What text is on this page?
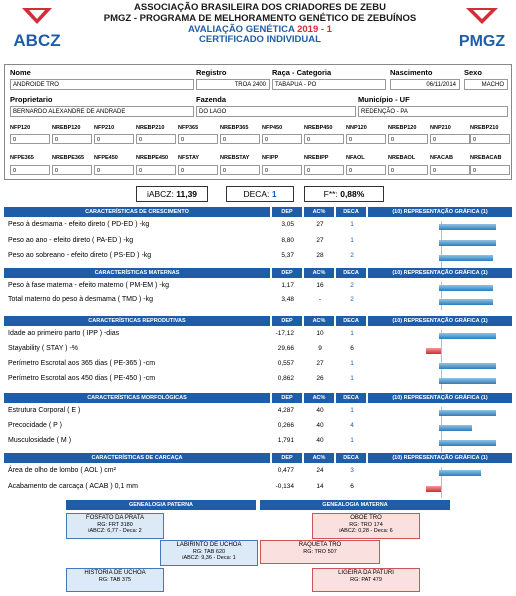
ABCZ
ASSOCIAÇÃO BRASILEIRA DOS CRIADORES DE ZEBU
PMGZ - PROGRAMA DE MELHORAMENTO GENÉTICO DE ZEBUÍNOS
AVALIAÇÃO GENÉTICA 2019 - 1
CERTIFICADO INDIVIDUAL	PMGZ
Nome
ANDROIDE TRO
Registro
TROA 2400
Raça - Categoria
TABAPUA - PO
Nascimento
06/11/2014
Sexo
MACHO
Proprietario
BERNARDO ALEXANDRE DE ANDRADE
Fazenda
DO LAGO
Município - UF
REDENÇÃO - PA
NFP120
0
NREBP120
0
NFP210
0
NREBP210
0
NFP365
0
NREBP365
0
NFP450
0
NREBP450
0
NNP120
0
NREBP120
0
NNP210
0
NREBP210
0
NFPE365
0
NREBPE365
0
NFPE450
0
NREBPE450
0
NFSTAY
0
NREBSTAY
0
NFIPP
0
NREBIPP
0
NFAOL
0
NREBAOL
0
NFACAB
0
NREBACAB
0
iABCZ: 11,39	DECA: 1	F**: 0,88%
CARACTERÍSTICAS DE CRESCIMENTO	DEP	AC%	DECA	(10) REPRESENTAÇÃO GRÁFICA (1)
Peso à desmama - efeito direto ( PD-ED ) -kg	3,05	27	1
Peso ao ano - efeito direto ( PA-ED ) -kg	8,80	27	1
Peso ao sobreano - efeito direto ( PS-ED ) -kg	5,37	28	2
CARACTERÍSTICAS MATERNAS	DEP	AC%	DECA	(10) REPRESENTAÇÃO GRÁFICA (1)
Peso à fase materna - efeito materno ( PM-EM ) -kg	1,17	16	2
Total materno do peso à desmama ( TMD ) -kg	3,48	-	2
CARACTERÍSTICAS REPRODUTIVAS	DEP	AC%	DECA	(10) REPRESENTAÇÃO GRÁFICA (1)
Idade ao primeiro parto ( IPP ) -dias	-17,12	10	1
Stayability ( STAY ) -%	29,66	9	6
Perímetro Escrotal aos 365 dias ( PE-365 ) -cm	0,557	27	1
Perímetro Escrotal aos 450 dias ( PE-450 ) -cm	0,862	26	1
CARACTERÍSTICAS MORFOLÓGICAS	DEP	AC%	DECA	(10) REPRESENTAÇÃO GRÁFICA (1)
Estrutura Corporal ( E )	4,287	40	1
Precocidade ( P )	0,266	40	4
Musculosidade ( M )	1,791	40	1
CARACTERÍSTICAS DE CARCAÇA	DEP	AC%	DECA	(10) REPRESENTAÇÃO GRÁFICA (1)
Área de olho de lombo ( AOL ) cm²	0,477	24	3
Acabamento de carcaça ( ACAB ) 0,1 mm	-0,134	14	6
GENEALOGIA PATERNA	GENEALOGIA MATERNA
FOSFATO DA PRATA
RG: FRT 3180
iABCZ: 6,77 - Deca: 2
LABIRINTO DE UCHOA
RG: TAB 620
iABCZ: 9,36 - Deca: 1
HISTORIA DE UCHOA
RG: TAB 375
OBOE TRO
RG: TRO 174
iABCZ: 0,28 - Deca: 6
RAQUETA TRO
RG: TRO 507
LIGEIRA DA PATURI
RG: PAT 479
